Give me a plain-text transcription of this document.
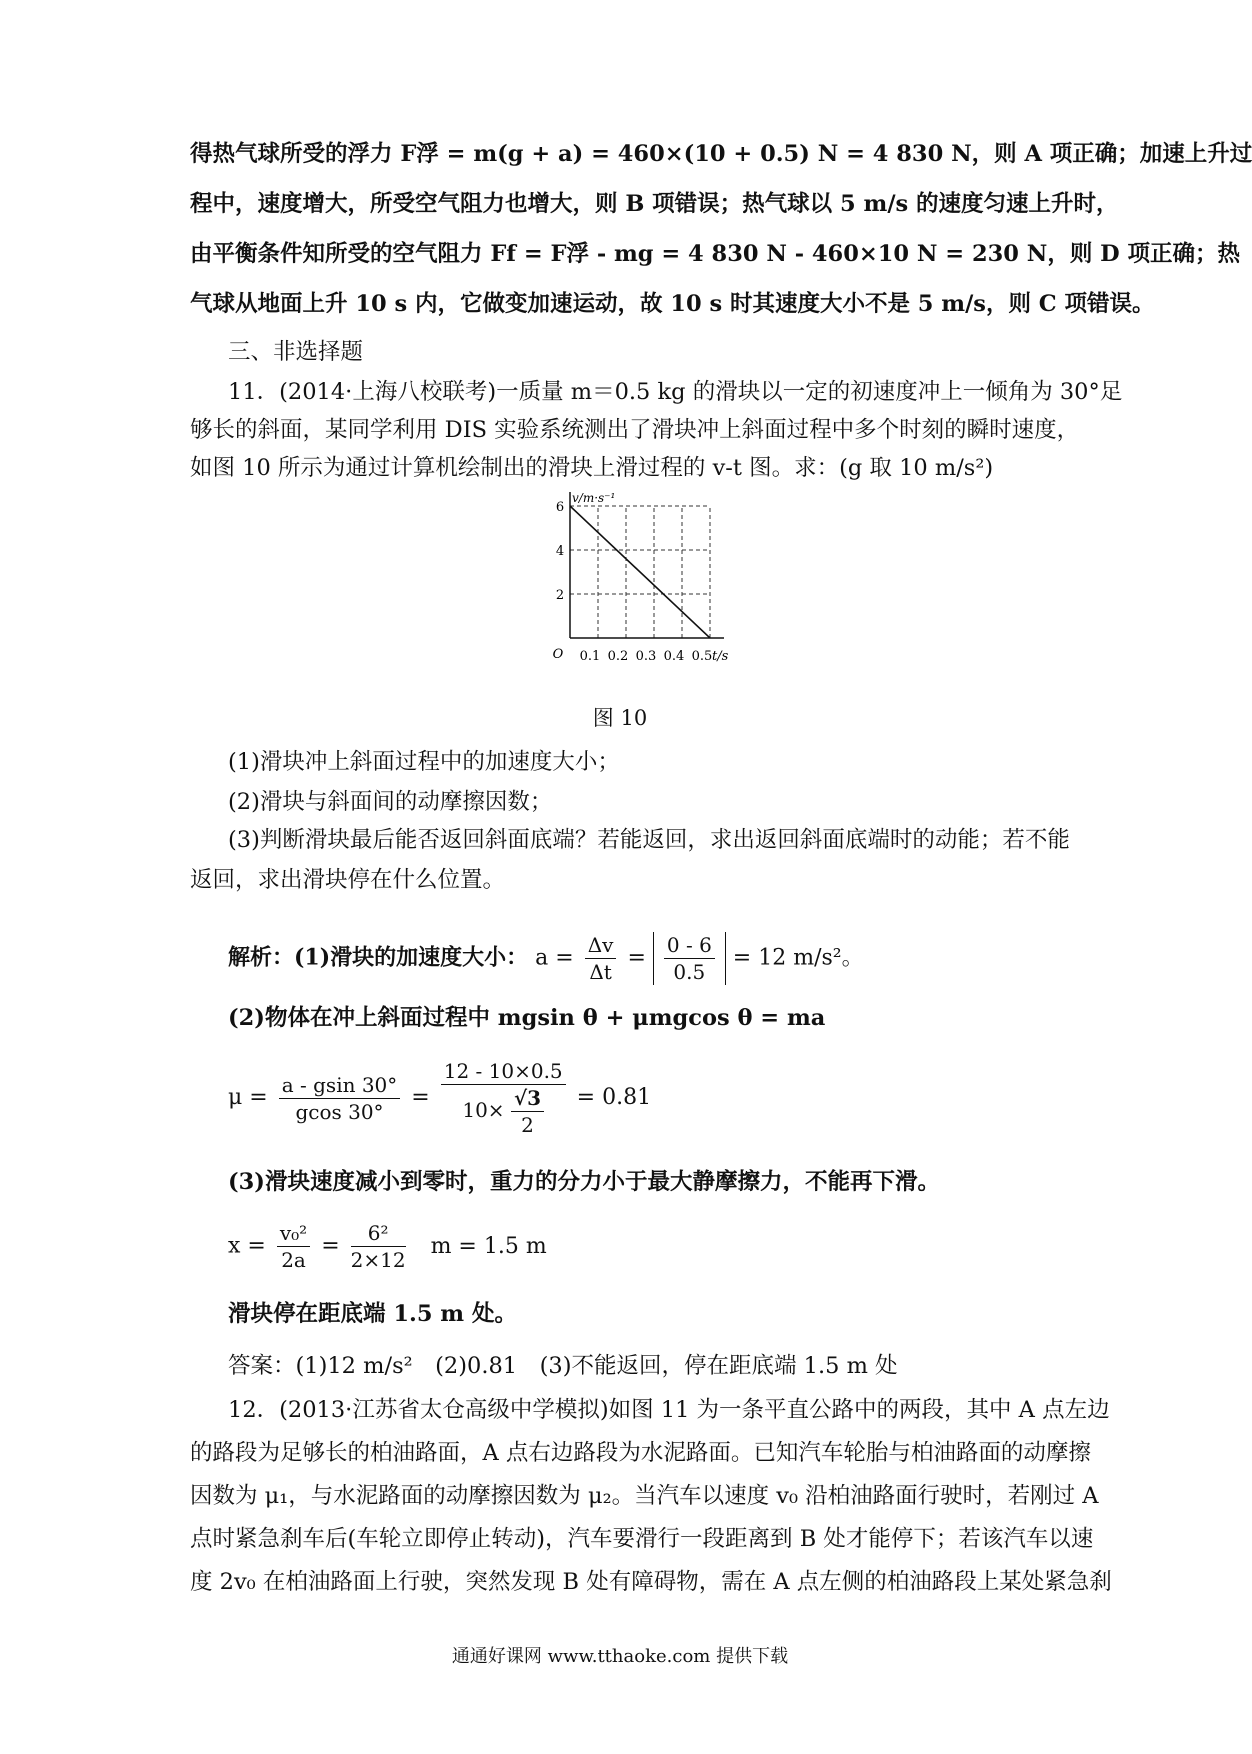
得热气球所受的浮力 F浮 = m(g + a) = 460×(10 + 0.5) N = 4 830 N，则 A 项正确；加速上升过
程中，速度增大，所受空气阻力也增大，则 B 项错误；热气球以 5 m/s 的速度匀速上升时，
由平衡条件知所受的空气阻力 Ff = F浮 - mg = 4 830 N - 460×10 N = 230 N，则 D 项正确；热
气球从地面上升 10 s 内，它做变加速运动，故 10 s 时其速度大小不是 5 m/s，则 C 项错误。
三、非选择题
11．(2014·上海八校联考)一质量 m＝0.5 kg 的滑块以一定的初速度冲上一倾角为 30°足
够长的斜面，某同学利用 DIS 实验系统测出了滑块冲上斜面过程中多个时刻的瞬时速度，
如图 10 所示为通过计算机绘制出的滑块上滑过程的 v-t 图。求：(g 取 10 m/s²)
0.1 0.2 0.3 0.4 0.5
2
4
6
O
v/m·s⁻¹
t/s
图 10
(1)滑块冲上斜面过程中的加速度大小；
(2)滑块与斜面间的动摩擦因数；
(3)判断滑块最后能否返回斜面底端？若能返回，求出返回斜面底端时的动能；若不能
返回，求出滑块停在什么位置。
解析：(1)滑块的加速度大小： $a = \frac{\Delta v}{\Delta t} = \frac{0 - 6}{0.5} = 12$ m/s²。
(2)物体在冲上斜面过程中 mgsin θ + μmgcos θ = ma
$\mu = \frac{a - gsin 30^\circ}{gcos 30^\circ} = \frac{12 - 10\times 0.5}{10\times \frac{√3}{2}} = 0.81$
(3)滑块速度减小到零时，重力的分力小于最大静摩擦力，不能再下滑。
$x = \frac{\text{v₀²}}{2a} = \frac{\text{6²}}{2\times 12}$ m = 1.5 m
滑块停在距底端 1.5 m 处。
答案：(1)12 m/s²　(2)0.81　(3)不能返回，停在距底端 1.5 m 处
12．(2013·江苏省太仓高级中学模拟)如图 11 为一条平直公路中的两段，其中 A 点左边
的路段为足够长的柏油路面，A 点右边路段为水泥路面。已知汽车轮胎与柏油路面的动摩擦
因数为 μ₁，与水泥路面的动摩擦因数为 μ₂。当汽车以速度 v₀ 沿柏油路面行驶时，若刚过 A
点时紧急刹车后(车轮立即停止转动)，汽车要滑行一段距离到 B 处才能停下；若该汽车以速
度 2v₀ 在柏油路面上行驶，突然发现 B 处有障碍物，需在 A 点左侧的柏油路段上某处紧急刹
通通好课网 www.tthaoke.com 提供下载
